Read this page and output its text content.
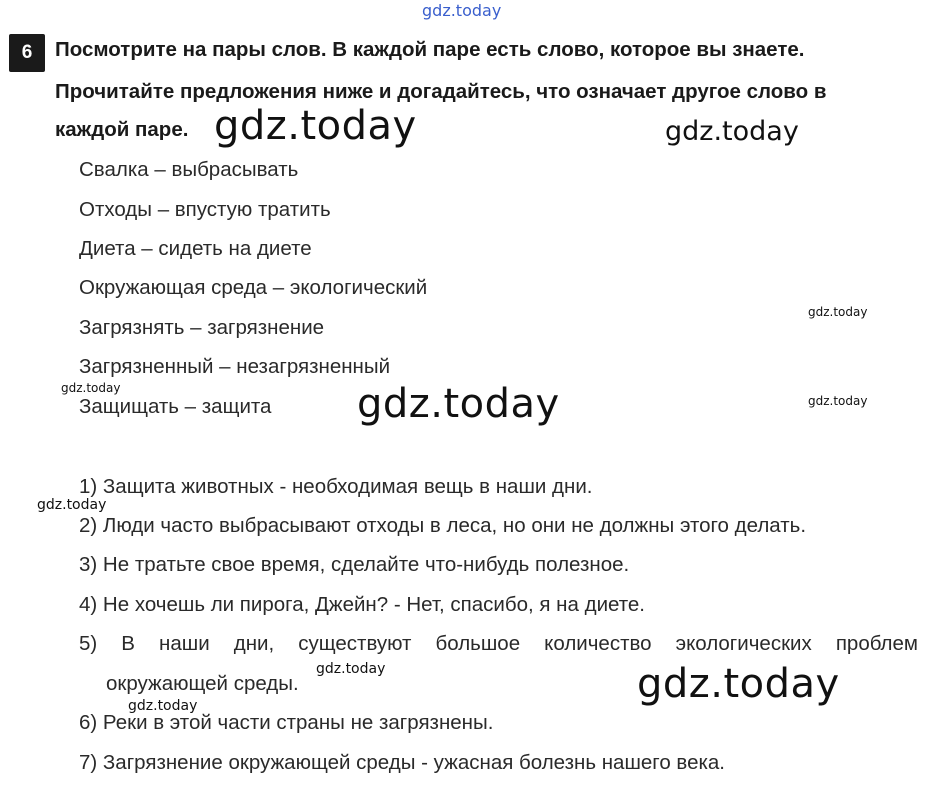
gdz.today
6	Посмотрите на пары слов. В каждой паре есть слово, которое вы знаете.
Прочитайте предложения ниже и догадайтесь, что означает другое слово в
каждой паре.
Свалка – выбрасывать
Отходы – впустую тратить
Диета – сидеть на диете
Окружающая среда – экологический
Загрязнять – загрязнение
Загрязненный – незагрязненный
Защищать – защита
1) Защита животных - необходимая вещь в наши дни.
2) Люди часто выбрасывают отходы в леса, но они не должны этого делать.
3) Не тратьте свое время, сделайте что-нибудь полезное.
4) Не хочешь ли пирога, Джейн? - Нет, спасибо, я на диете.
5) В наши дни, существуют большое количество экологических проблем
окружающей среды.
6) Реки в этой части страны не загрязнены.
7) Загрязнение окружающей среды - ужасная болезнь нашего века.
gdz.today	gdz.today
gdz.today
gdz.today	gdz.today	gdz.today
gdz.today
gdz.today	gdz.today
gdz.today
